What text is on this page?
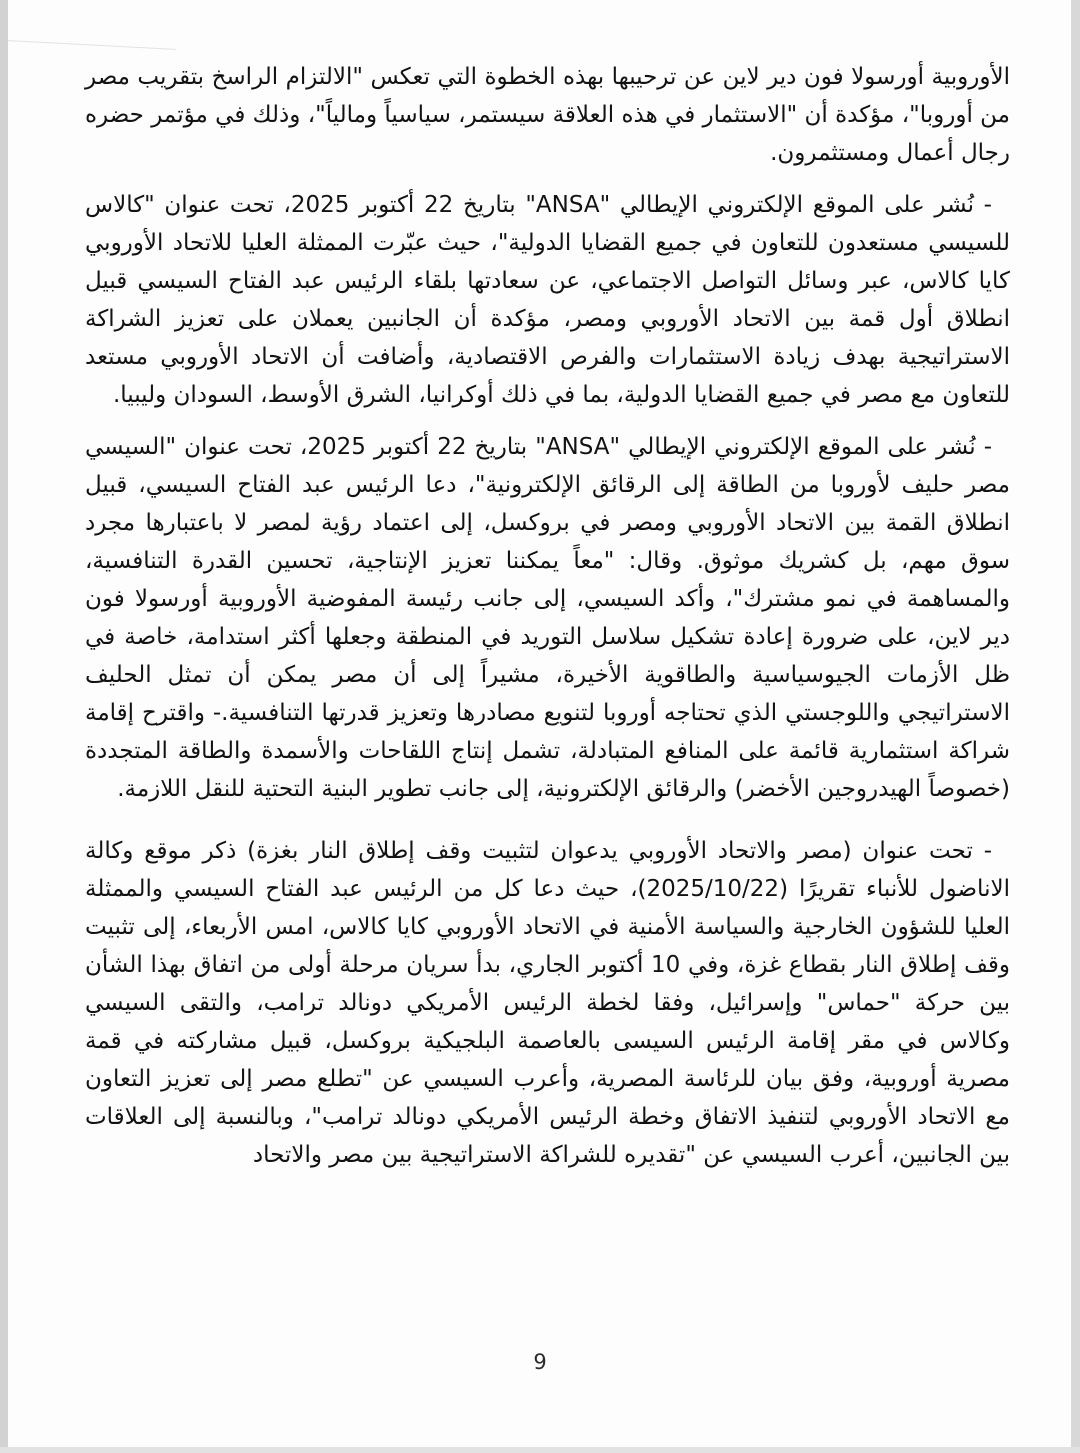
الأوروبية أورسولا فون دير لاين عن ترحيبها بهذه الخطوة التي تعكس "الالتزام الراسخ بتقريب مصر من أوروبا"، مؤكدة أن "الاستثمار في هذه العلاقة سيستمر، سياسياً ومالياً"، وذلك في مؤتمر حضره رجال أعمال ومستثمرون.

- نُشر على الموقع الإلكتروني الإيطالي "ANSA" بتاريخ 22 أكتوبر 2025، تحت عنوان "كالاس للسيسي مستعدون للتعاون في جميع القضايا الدولية"، حيث عبّرت الممثلة العليا للاتحاد الأوروبي كايا كالاس، عبر وسائل التواصل الاجتماعي، عن سعادتها بلقاء الرئيس عبد الفتاح السيسي قبيل انطلاق أول قمة بين الاتحاد الأوروبي ومصر، مؤكدة أن الجانبين يعملان على تعزيز الشراكة الاستراتيجية بهدف زيادة الاستثمارات والفرص الاقتصادية، وأضافت أن الاتحاد الأوروبي مستعد للتعاون مع مصر في جميع القضايا الدولية، بما في ذلك أوكرانيا، الشرق الأوسط، السودان وليبيا.

- نُشر على الموقع الإلكتروني الإيطالي "ANSA" بتاريخ 22 أكتوبر 2025، تحت عنوان "السيسي مصر حليف لأوروبا من الطاقة إلى الرقائق الإلكترونية"، دعا الرئيس عبد الفتاح السيسي، قبيل انطلاق القمة بين الاتحاد الأوروبي ومصر في بروكسل، إلى اعتماد رؤية لمصر لا باعتبارها مجرد سوق مهم، بل كشريك موثوق. وقال: "معاً يمكننا تعزيز الإنتاجية، تحسين القدرة التنافسية، والمساهمة في نمو مشترك"، وأكد السيسي، إلى جانب رئيسة المفوضية الأوروبية أورسولا فون دير لاين، على ضرورة إعادة تشكيل سلاسل التوريد في المنطقة وجعلها أكثر استدامة، خاصة في ظل الأزمات الجيوسياسية والطاقوية الأخيرة، مشيراً إلى أن مصر يمكن أن تمثل الحليف الاستراتيجي واللوجستي الذي تحتاجه أوروبا لتنويع مصادرها وتعزيز قدرتها التنافسية.- واقترح إقامة شراكة استثمارية قائمة على المنافع المتبادلة، تشمل إنتاج اللقاحات والأسمدة والطاقة المتجددة (خصوصاً الهيدروجين الأخضر) والرقائق الإلكترونية، إلى جانب تطوير البنية التحتية للنقل اللازمة.

- تحت عنوان (مصر والاتحاد الأوروبي يدعوان لتثبيت وقف إطلاق النار بغزة) ذكر موقع وكالة الاناضول للأنباء تقريرًا (2025/10/22)، حيث دعا كل من الرئيس عبد الفتاح السيسي والممثلة العليا للشؤون الخارجية والسياسة الأمنية في الاتحاد الأوروبي كايا كالاس، امس الأربعاء، إلى تثبيت وقف إطلاق النار بقطاع غزة، وفي 10 أكتوبر الجاري، بدأ سريان مرحلة أولى من اتفاق بهذا الشأن بين حركة "حماس" وإسرائيل، وفقا لخطة الرئيس الأمريكي دونالد ترامب، والتقى السيسي وكالاس في مقر إقامة الرئيس السيسى بالعاصمة البلجيكية بروكسل، قبيل مشاركته في قمة مصرية أوروبية، وفق بيان للرئاسة المصرية، وأعرب السيسي عن "تطلع مصر إلى تعزيز التعاون مع الاتحاد الأوروبي لتنفيذ الاتفاق وخطة الرئيس الأمريكي دونالد ترامب"، وبالنسبة إلى العلاقات بين الجانبين، أعرب السيسي عن "تقديره للشراكة الاستراتيجية بين مصر والاتحاد

9
